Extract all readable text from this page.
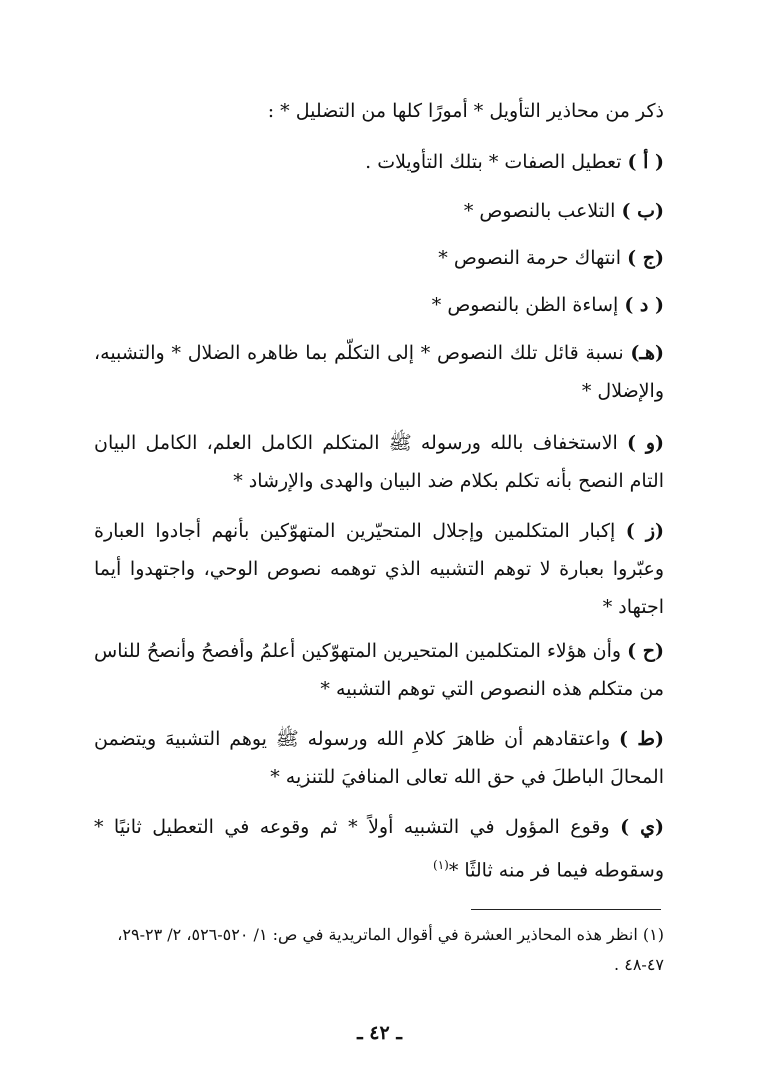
ذكر من محاذير التأويل * أمورًا كلها من التضليل * :
( أ ) تعطيل الصفات * بتلك التأويلات .
(ب ) التلاعب بالنصوص *
(ج ) انتهاك حرمة النصوص *
( د ) إساءة الظن بالنصوص *
(هـ) نسبة قائل تلك النصوص * إلى التكلّم بما ظاهره الضلال * والتشبيه، والإضلال *
(و ) الاستخفاف بالله ورسوله ﷺ المتكلم الكامل العلم، الكامل البيان التام النصح بأنه تكلم بكلام ضد البيان والهدى والإرشاد *
(ز ) إكبار المتكلمين وإجلال المتحيّرين المتهوّكين بأنهم أجادوا العبارة وعبّروا بعبارة لا توهم التشبيه الذي توهمه نصوص الوحي، واجتهدوا أيما اجتهاد *
(ح ) وأن هؤلاء المتكلمين المتحيرين المتهوّكين أعلمُ وأفصحُ وأنصحُ للناس من متكلم هذه النصوص التي توهم التشبيه *
(ط ) واعتقادهم أن ظاهرَ كلامِ الله ورسوله ﷺ يوهم التشبيهَ ويتضمن المحالَ الباطلَ في حق الله تعالى المنافيَ للتنزيه *
(ي ) وقوع المؤول في التشبيه أولاً * ثم وقوعه في التعطيل ثانيًا * وسقوطه فيما فر منه ثالثًا *$^{(١)}$
(١) انظر هذه المحاذير العشرة في أقوال الماتريدية في ص: ١/ ٥٢٠-٥٢٦، ٢/ ٢٣-٢٩، ٤٧-٤٨ .
ـ ٤٢ ـ
